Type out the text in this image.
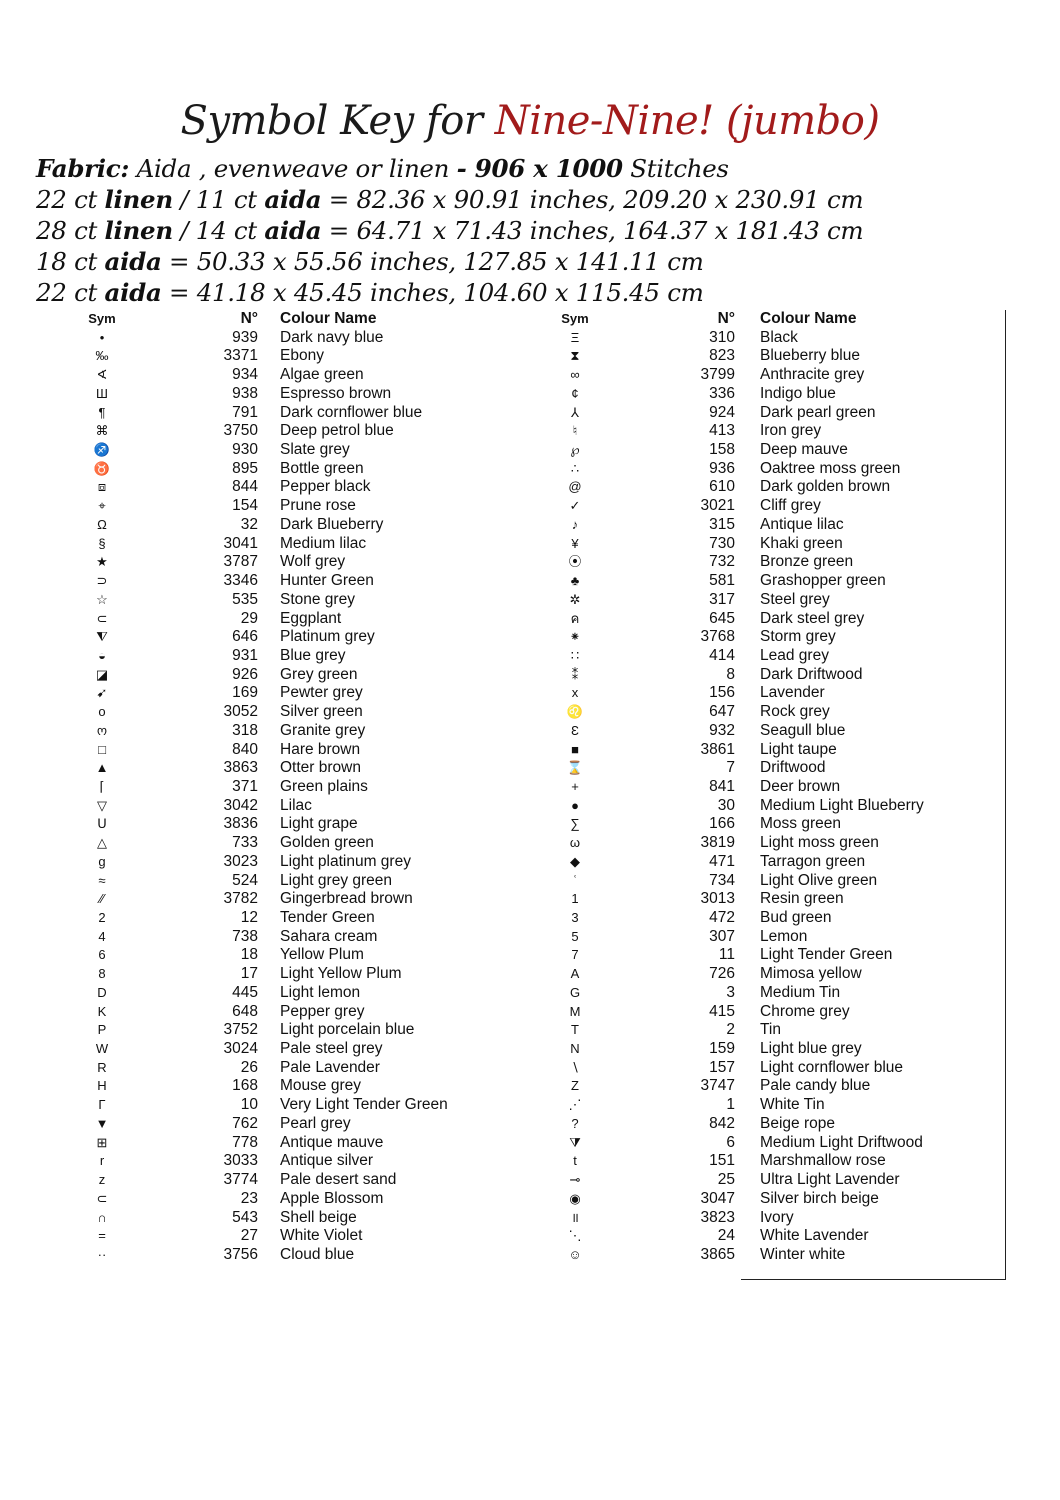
Symbol Key for Nine-Nine! (jumbo)
Fabric: Aida , evenweave or linen - 906 x 1000 Stitches
22 ct linen / 11 ct aida = 82.36 x 90.91 inches, 209.20 x 230.91 cm
28 ct linen / 14 ct aida = 64.71 x 71.43 inches, 164.37 x 181.43 cm
18 ct aida = 50.33 x 55.56 inches, 127.85 x 141.11 cm
22 ct aida = 41.18 x 45.45 inches, 104.60 x 115.45 cm
Sym	N° Colour Name
•	939 Dark navy blue
‰	3371 Ebony
∢	934 Algae green
Ш	938 Espresso brown
¶	791 Dark cornflower blue
⌘	3750 Deep petrol blue
♐	930 Slate grey
♉	895 Bottle green
⧈	844 Pepper black
⌖	154 Prune rose
Ω	32 Dark Blueberry
§	3041 Medium lilac
★	3787 Wolf grey
⊃	3346 Hunter Green
☆	535 Stone grey
⊂	29 Eggplant
⧨	646 Platinum grey
◒	931 Blue grey
◪	926 Grey green
➹	169 Pewter grey
o	3052 Silver green
ო	318 Granite grey
□	840 Hare brown
▲	3863 Otter brown
⌈	371 Green plains
▽	3042 Lilac
ᑌ	3836 Light grape
△	733 Golden green
g	3023 Light platinum grey
≈	524 Light grey green
⁄⁄	3782 Gingerbread brown
2	12 Tender Green
4	738 Sahara cream
6	18 Yellow Plum
8	17 Light Yellow Plum
D	445 Light lemon
K	648 Pepper grey
P	3752 Light porcelain blue
W	3024 Pale steel grey
R	26 Pale Lavender
H	168 Mouse grey
Γ	10 Very Light Tender Green
▼	762 Pearl grey
⊞	778 Antique mauve
r	3033 Antique silver
z	3774 Pale desert sand
⊂	23 Apple Blossom
∩	543 Shell beige
=	27 White Violet
··	3756 Cloud blue
Sym	N° Colour Name
Ξ	310 Black
⧗	823 Blueberry blue
∞	3799 Anthracite grey
¢	336 Indigo blue
⅄	924 Dark pearl green
♮	413 Iron grey
℘	158 Deep mauve
∴	936 Oaktree moss green
@	610 Dark golden brown
✓	3021 Cliff grey
♪	315 Antique lilac
¥	730 Khaki green
⦿	732 Bronze green
♣	581 Grashopper green
✲	317 Steel grey
ค	645 Dark steel grey
⁕	3768 Storm grey
∷	414 Lead grey
⁑	8 Dark Driftwood
x	156 Lavender
♌	647 Rock grey
Ɛ	932 Seagull blue
■	3861 Light taupe
⌛	7 Driftwood
+	841 Deer brown
●	30 Medium Light Blueberry
∑	166 Moss green
ω	3819 Light moss green
◆	471 Tarragon green
ʿ	734 Light Olive green
1	3013 Resin green
3	472 Bud green
5	307 Lemon
7	11 Light Tender Green
A	726 Mimosa yellow
G	3 Medium Tin
M	415 Chrome grey
T	2 Tin
N	159 Light blue grey
∖	157 Light cornflower blue
Z	3747 Pale candy blue
⋰	1 White Tin
?	842 Beige rope
⧩	6 Medium Light Driftwood
t	151 Marshmallow rose
⊸	25 Ultra Light Lavender
◉	3047 Silver birch beige
॥	3823 Ivory
⋱	24 White Lavender
☺	3865 Winter white
